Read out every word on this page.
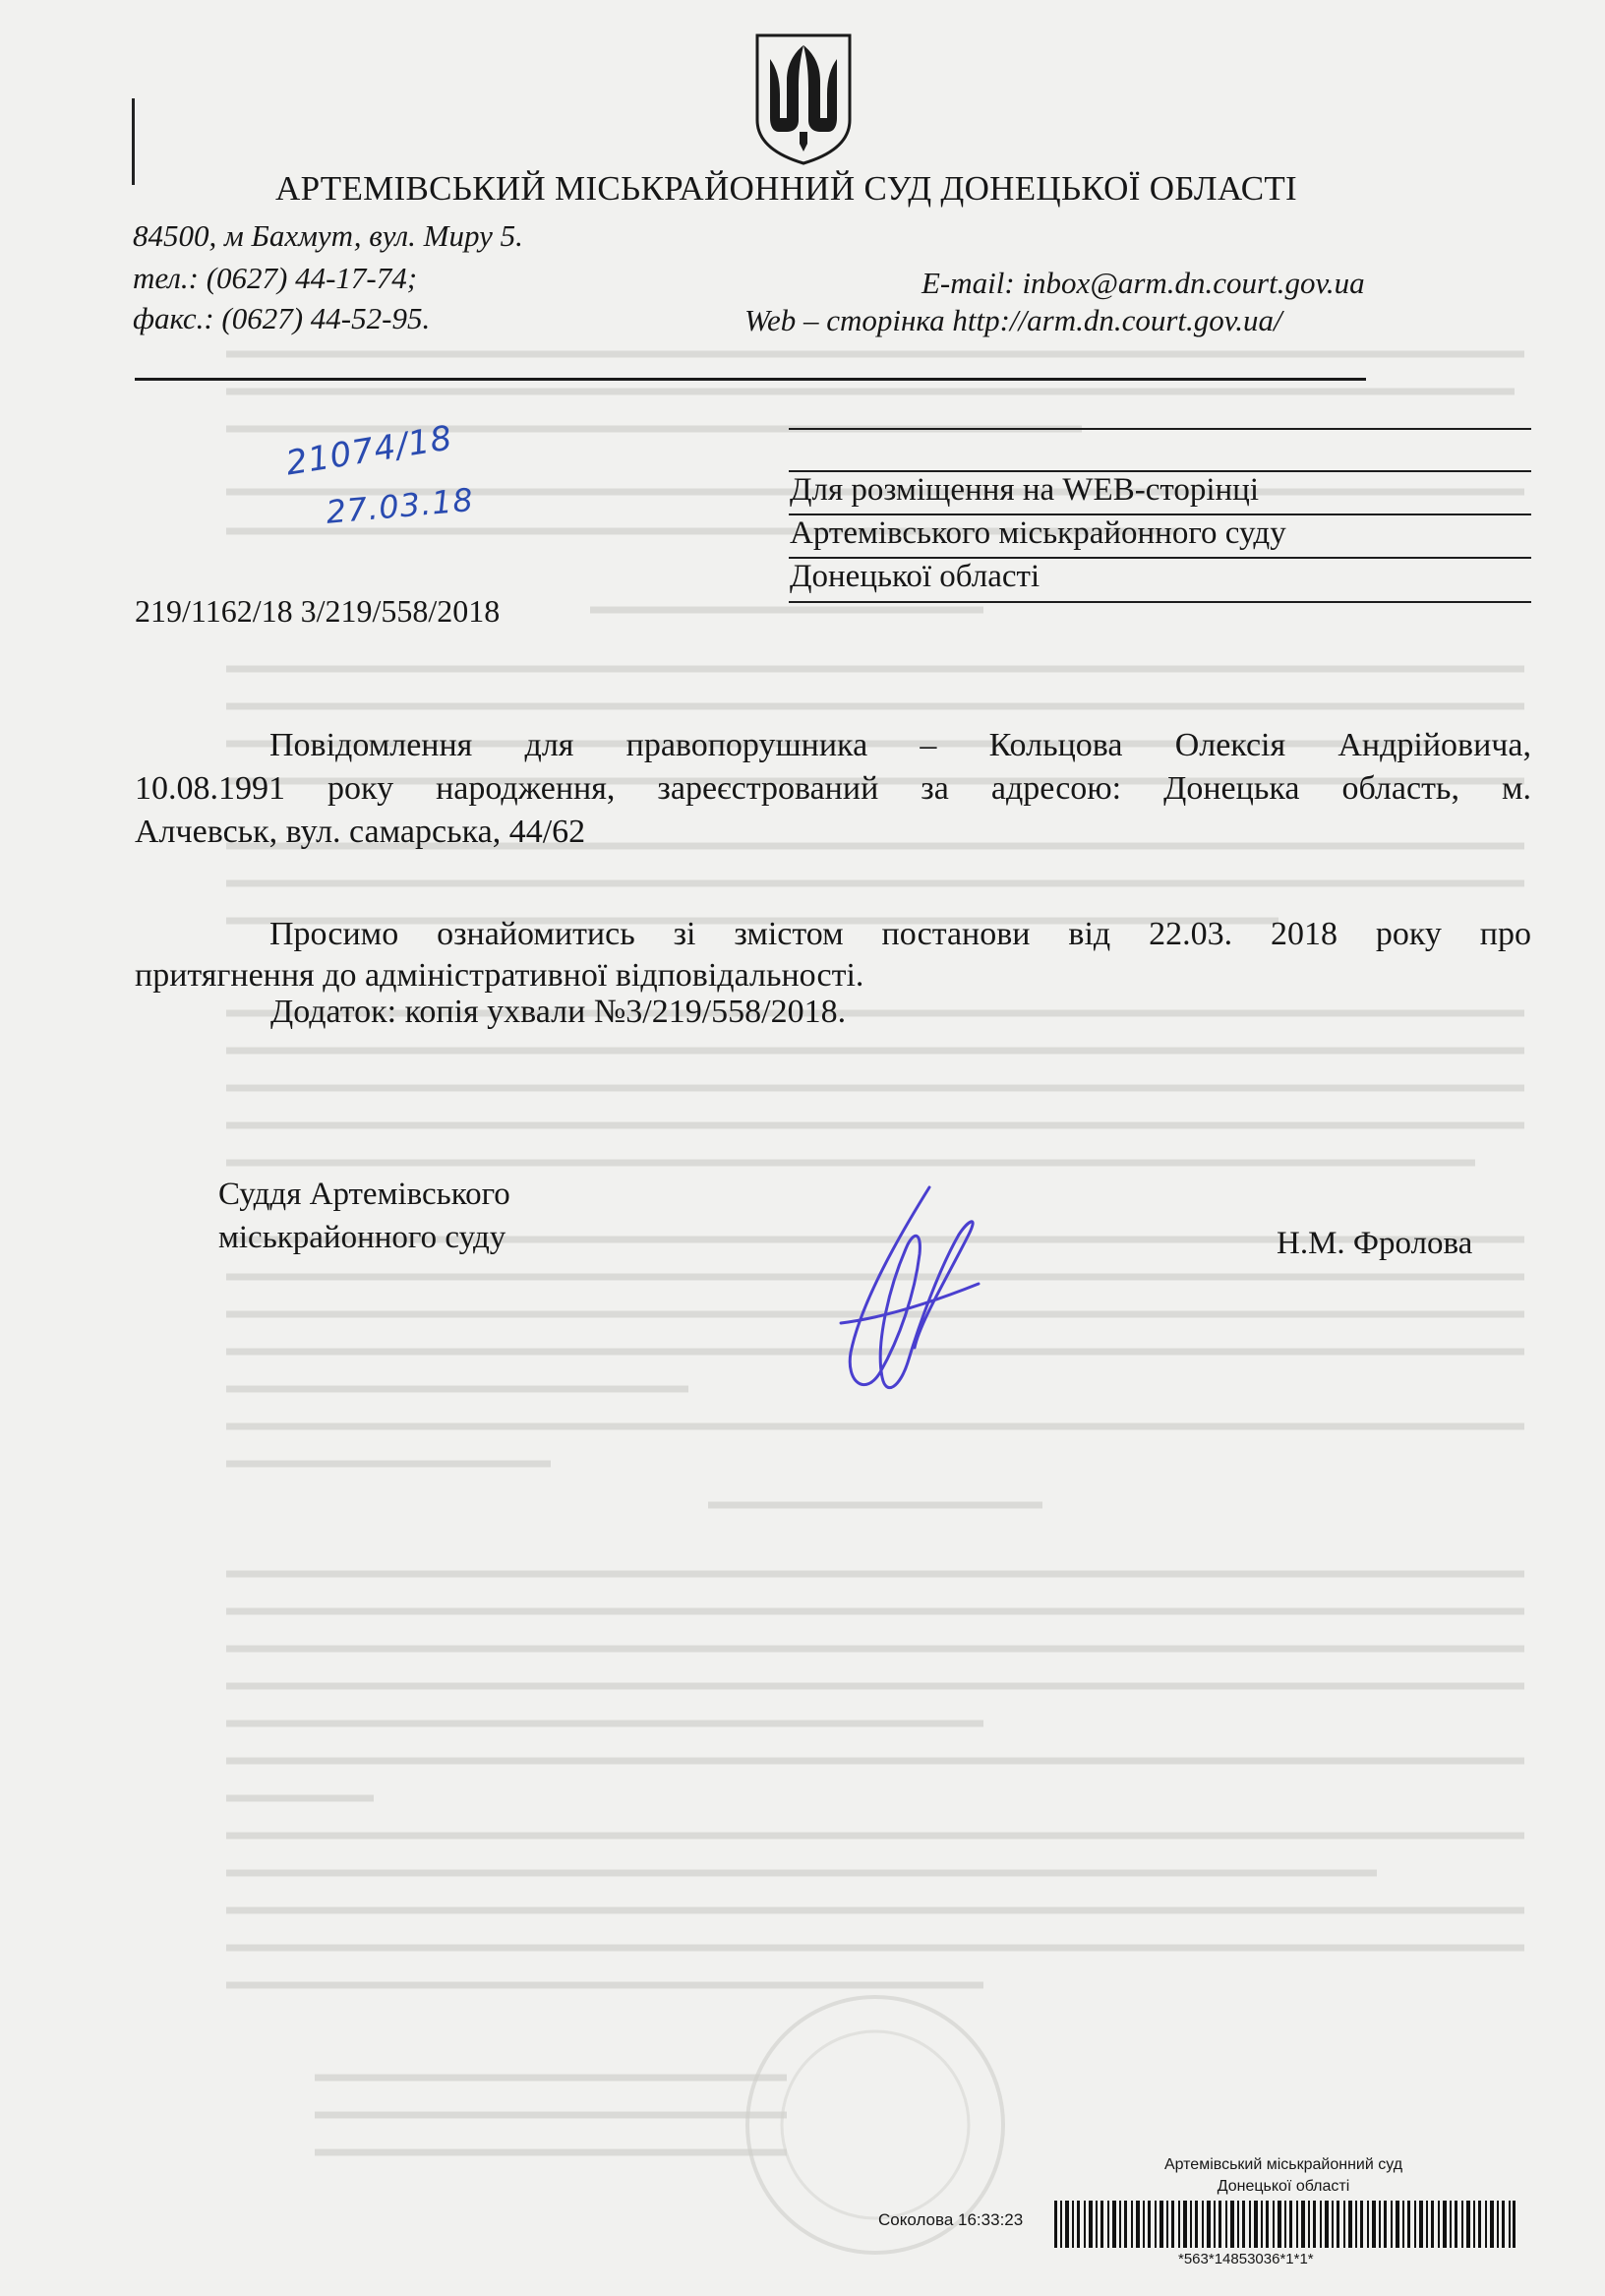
АРТЕМІВСЬКИЙ МІСЬКРАЙОННИЙ СУД ДОНЕЦЬКОЇ ОБЛАСТІ
84500, м Бахмут, вул. Миру 5.
тел.: (0627) 44-17-74;
факс.: (0627) 44-52-95.
E-mail: inbox@arm.dn.court.gov.ua
Web – сторінка http://arm.dn.court.gov.ua/
Для розміщення на WEB-сторінці
Артемівського міськрайонного суду
Донецької області
21074/18
27.03.18
219/1162/18 3/219/558/2018
Повідомлення для правопорушника – Кольцова Олексія Андрійовича,
10.08.1991 року народження, зареєстрований за адресою: Донецька область, м.
Алчевськ, вул. самарська, 44/62
Просимо ознайомитись зі змістом постанови від 22.03. 2018 року про
притягнення до адміністративної відповідальності.
Додаток: копія ухвали №3/219/558/2018.
Суддя Артемівського
міськрайонного суду	Н.М. Фролова
Артемівський міськрайонний суд
Донецької області
Соколова 16:33:23
*563*14853036*1*1*
